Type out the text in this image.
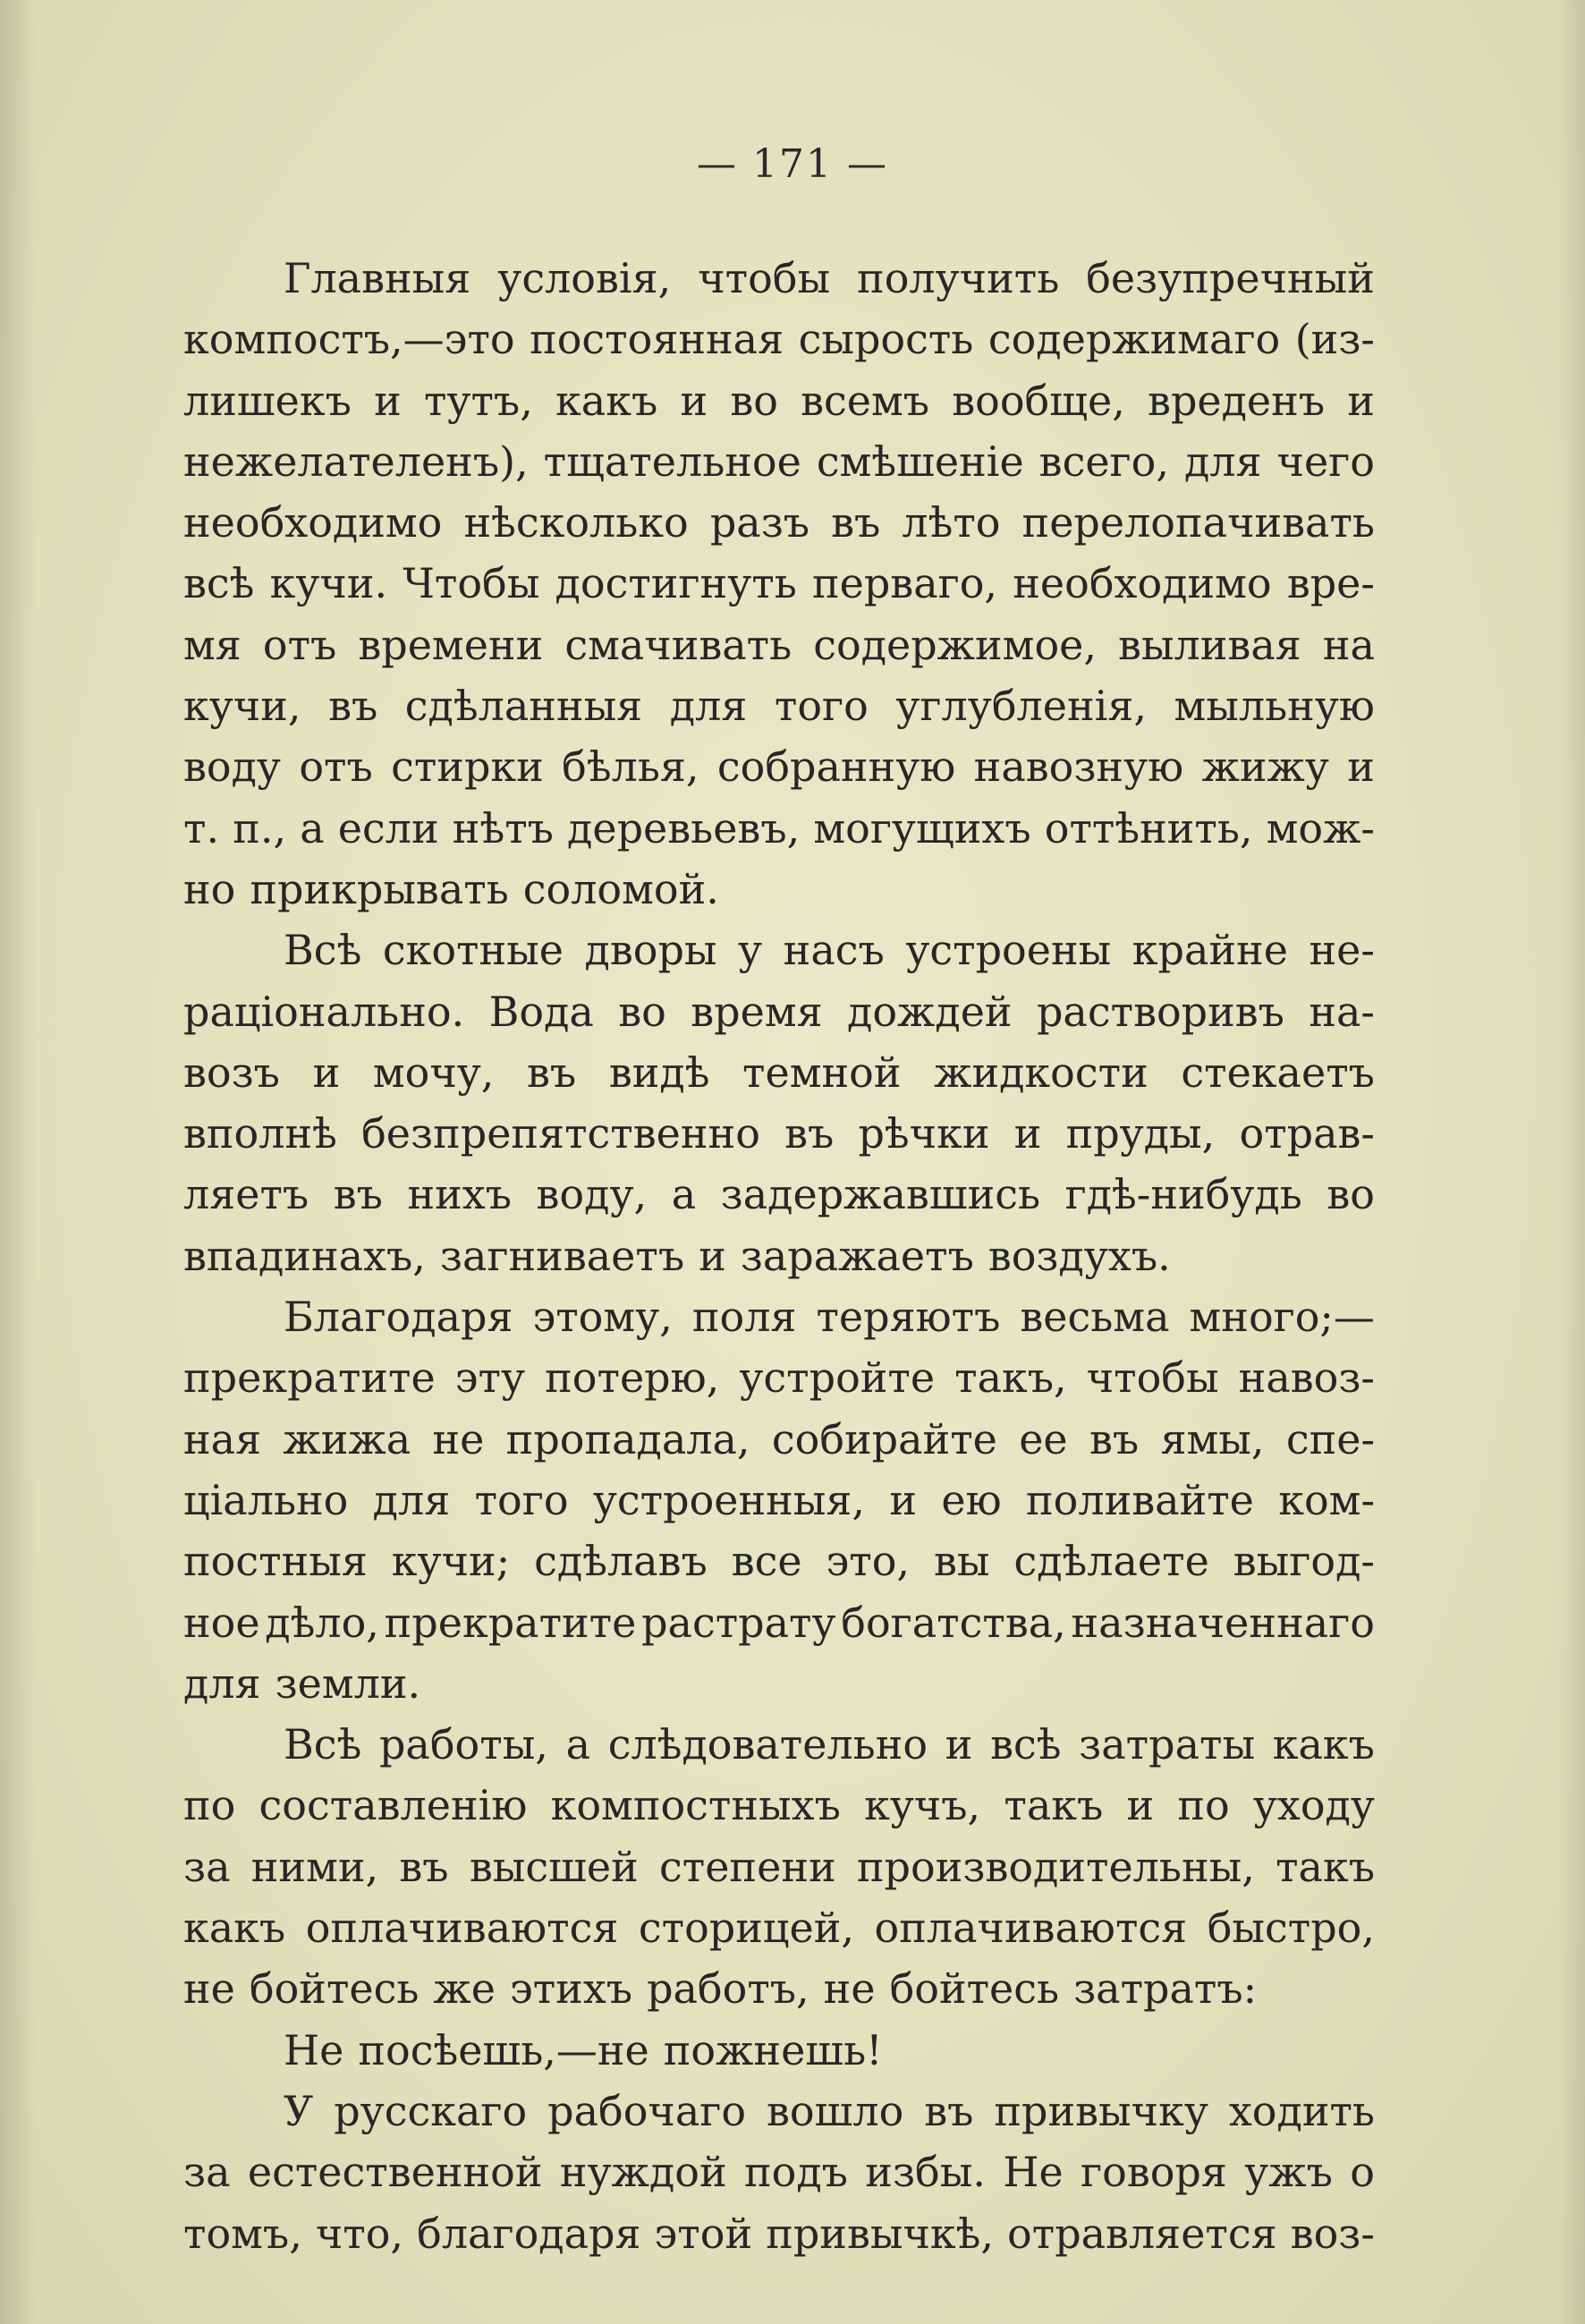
— 171 —
Главныя условія, чтобы получить безупречный
компостъ,—это постоянная сырость содержимаго (из-
лишекъ и тутъ, какъ и во всемъ вообще, вреденъ и
нежелателенъ), тщательное смѣшеніе всего, для чего
необходимо нѣсколько разъ въ лѣто перелопачивать
всѣ кучи. Чтобы достигнуть перваго, необходимо вре-
мя отъ времени смачивать содержимое, выливая на
кучи, въ сдѣланныя для того углубленія, мыльную
воду отъ стирки бѣлья, собранную навозную жижу и
т. п., а если нѣтъ деревьевъ, могущихъ оттѣнить, мож-
но прикрывать соломой.
Всѣ скотные дворы у насъ устроены крайне не-
раціонально. Вода во время дождей растворивъ на-
возъ и мочу, въ видѣ темной жидкости стекаетъ
вполнѣ безпрепятственно въ рѣчки и пруды, отрав-
ляетъ въ нихъ воду, а задержавшись гдѣ-нибудь во
впадинахъ, загниваетъ и заражаетъ воздухъ.
Благодаря этому, поля теряютъ весьма много;—
прекратите эту потерю, устройте такъ, чтобы навоз-
ная жижа не пропадала, собирайте ее въ ямы, спе-
ціально для того устроенныя, и ею поливайте ком-
постныя кучи; сдѣлавъ все это, вы сдѣлаете выгод-
ное дѣло, прекратите растрату богатства, назначеннаго
для земли.
Всѣ работы, а слѣдовательно и всѣ затраты какъ
по составленію компостныхъ кучъ, такъ и по уходу
за ними, въ высшей степени производительны, такъ
какъ оплачиваются сторицей, оплачиваются быстро,
не бойтесь же этихъ работъ, не бойтесь затратъ:
Не посѣешь,—не пожнешь!
У русскаго рабочаго вошло въ привычку ходить
за естественной нуждой подъ избы. Не говоря ужъ о
томъ, что, благодаря этой привычкѣ, отравляется воз-
